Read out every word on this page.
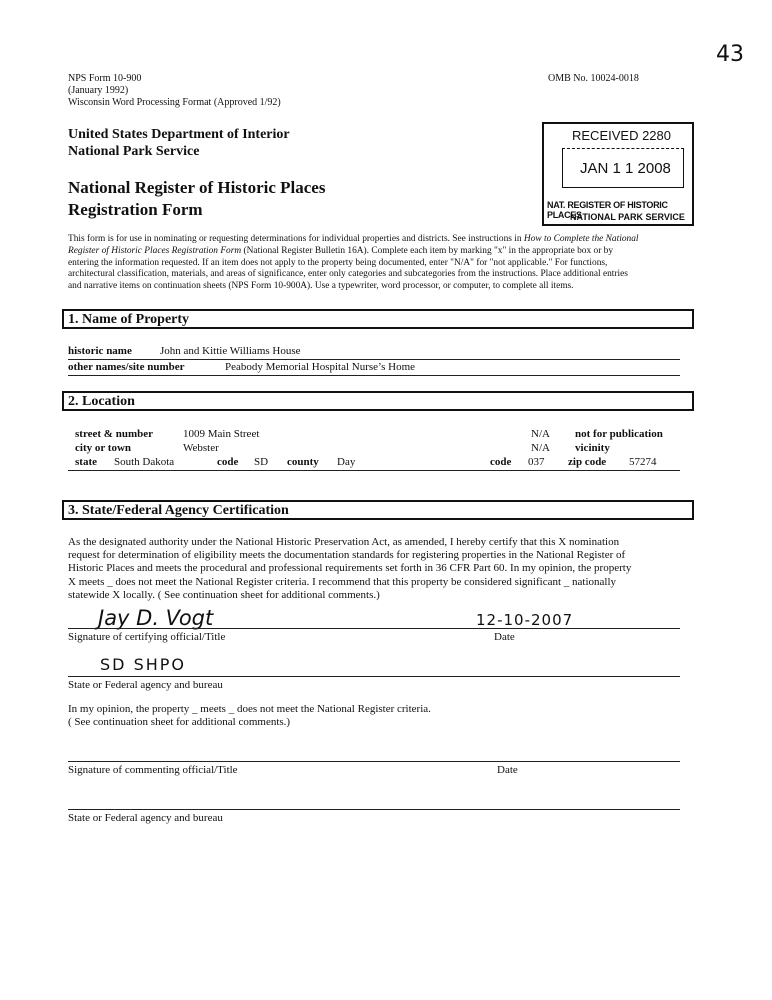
43
NPS Form 10-900
(January 1992)
Wisconsin Word Processing Format (Approved 1/92)
OMB No. 10024-0018
United States Department of Interior
National Park Service
National Register of Historic Places
Registration Form
RECEIVED 2280
JAN 1 1 2008
NAT. REGISTER OF HISTORIC PLACES
NATIONAL PARK SERVICE
This form is for use in nominating or requesting determinations for individual properties and districts. See instructions in How to Complete the National
Register of Historic Places Registration Form (National Register Bulletin 16A). Complete each item by marking "x" in the appropriate box or by
entering the information requested. If an item does not apply to the property being documented, enter "N/A" for "not applicable." For functions,
architectural classification, materials, and areas of significance, enter only categories and subcategories from the instructions. Place additional entries
and narrative items on continuation sheets (NPS Form 10-900A). Use a typewriter, word processor, or computer, to complete all items.
1. Name of Property
historic name	John and Kittie Williams House
other names/site number	Peabody Memorial Hospital Nurse’s Home
2. Location
street & number	1009 Main Street	N/A not for publication
city or town	Webster	N/A vicinity
state South Dakota	code SD county Day	code 037 zip code 57274
3. State/Federal Agency Certification
As the designated authority under the National Historic Preservation Act, as amended, I hereby certify that this X nomination
request for determination of eligibility meets the documentation standards for registering properties in the National Register of
Historic Places and meets the procedural and professional requirements set forth in 36 CFR Part 60. In my opinion, the property
X meets _ does not meet the National Register criteria. I recommend that this property be considered significant _ nationally
statewide X locally. ( See continuation sheet for additional comments.)
Jay D. Vogt	12-10-2007
Signature of certifying official/Title	Date
SD SHPO
State or Federal agency and bureau
In my opinion, the property _ meets _ does not meet the National Register criteria.
( See continuation sheet for additional comments.)
Signature of commenting official/Title	Date
State or Federal agency and bureau
